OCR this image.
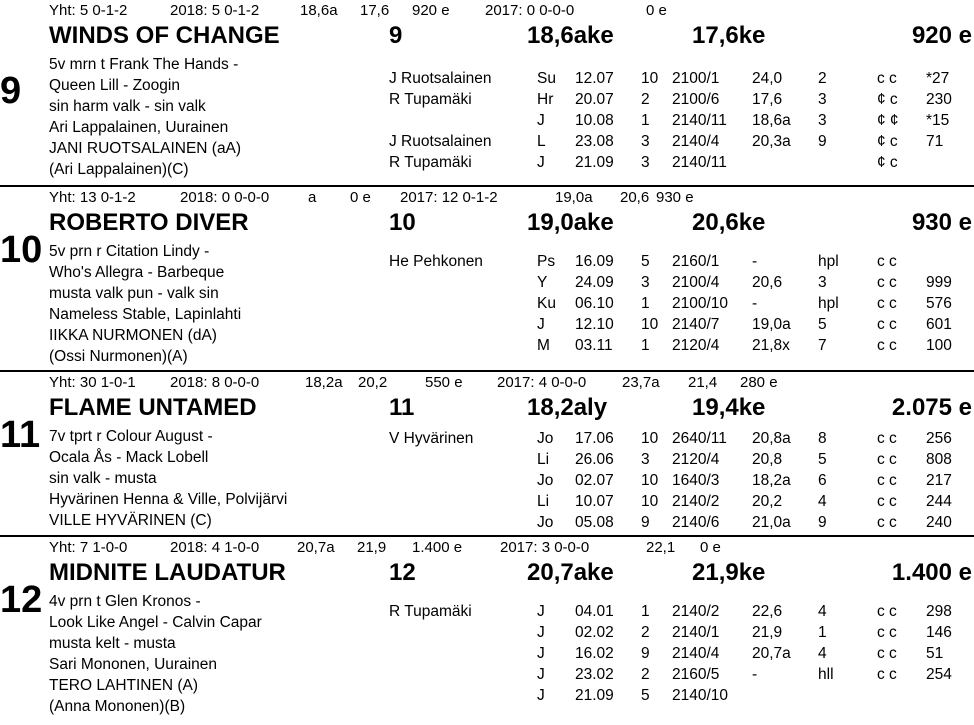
9
Yht: 5 0-1-2	2018: 5 0-1-2	18,6a 17,6 920 e 2017: 0 0-0-0	0 e
WINDS OF CHANGE	9	18,6ake	17,6ke	920 e
5v mrn t Frank The Hands -
Queen Lill - Zoogin
sin harm valk - sin valk
Ari Lappalainen, Uurainen
JANI RUOTSALAINEN (aA)
(Ari Lappalainen)(C)
J Ruotsalainen	Su 12.07 10 2100/1 24,0 2	c c *27
R Tupamäki	Hr 20.07 2 2100/6 17,6 3	¢ c 230
J 10.08 1 2140/11 18,6a 3	¢ ¢ *15
J Ruotsalainen	L 23.08 3 2140/4 20,3a 9	¢ c 71
R Tupamäki	J 21.09 3 2140/11	¢ c
10
Yht: 13 0-1-2	2018: 0 0-0-0	a 0 e 2017: 12 0-1-2	19,0a 20,6 930 e
ROBERTO DIVER	10	19,0ake	20,6ke	930 e
5v prn r Citation Lindy -
Who's Allegra - Barbeque
musta valk pun - valk sin
Nameless Stable, Lapinlahti
IIKKA NURMONEN (dA)
(Ossi Nurmonen)(A)
He Pehkonen	Ps 16.09 5 2160/1 -	hpl c c
Y 24.09 3 2100/4 20,6 3	c c 999
Ku 06.10 1 2100/10 -	hpl c c 576
J 12.10 10 2140/7 19,0a 5	c c 601
M 03.11 1 2120/4 21,8x 7	c c 100
11
Yht: 30 1-0-1 2018: 8 0-0-0	18,2a 20,2	550 e 2017: 4 0-0-0 23,7a 21,4 280 e
FLAME UNTAMED	11	18,2aly	19,4ke	2.075 e
7v tprt r Colour August -
Ocala Ås - Mack Lobell
sin valk - musta
Hyvärinen Henna & Ville, Polvijärvi
VILLE HYVÄRINEN (C)
V Hyvärinen	Jo 17.06 10 2640/11 20,8a 8	c c 256
Li 26.06 3 2120/4 20,8 5	c c 808
Jo 02.07 10 1640/3 18,2a 6	c c 217
Li 10.07 10 2140/2 20,2 4	c c 244
Jo 05.08 9 2140/6 21,0a 9	c c 240
12
Yht: 7 1-0-0	2018: 4 1-0-0	20,7a 21,9 1.400 e	2017: 3 0-0-0	22,1 0 e
MIDNITE LAUDATUR	12	20,7ake	21,9ke	1.400 e
4v prn t Glen Kronos -
Look Like Angel - Calvin Capar
musta kelt - musta
Sari Mononen, Uurainen
TERO LAHTINEN (A)
(Anna Mononen)(B)
R Tupamäki	J 04.01 1 2140/2 22,6 4	c c 298
J 02.02 2 2140/1 21,9 1	c c 146
J 16.02 9 2140/4 20,7a 4	c c 51
J 23.02 2 2160/5 -	hll	c c 254
J 21.09 5 2140/10
